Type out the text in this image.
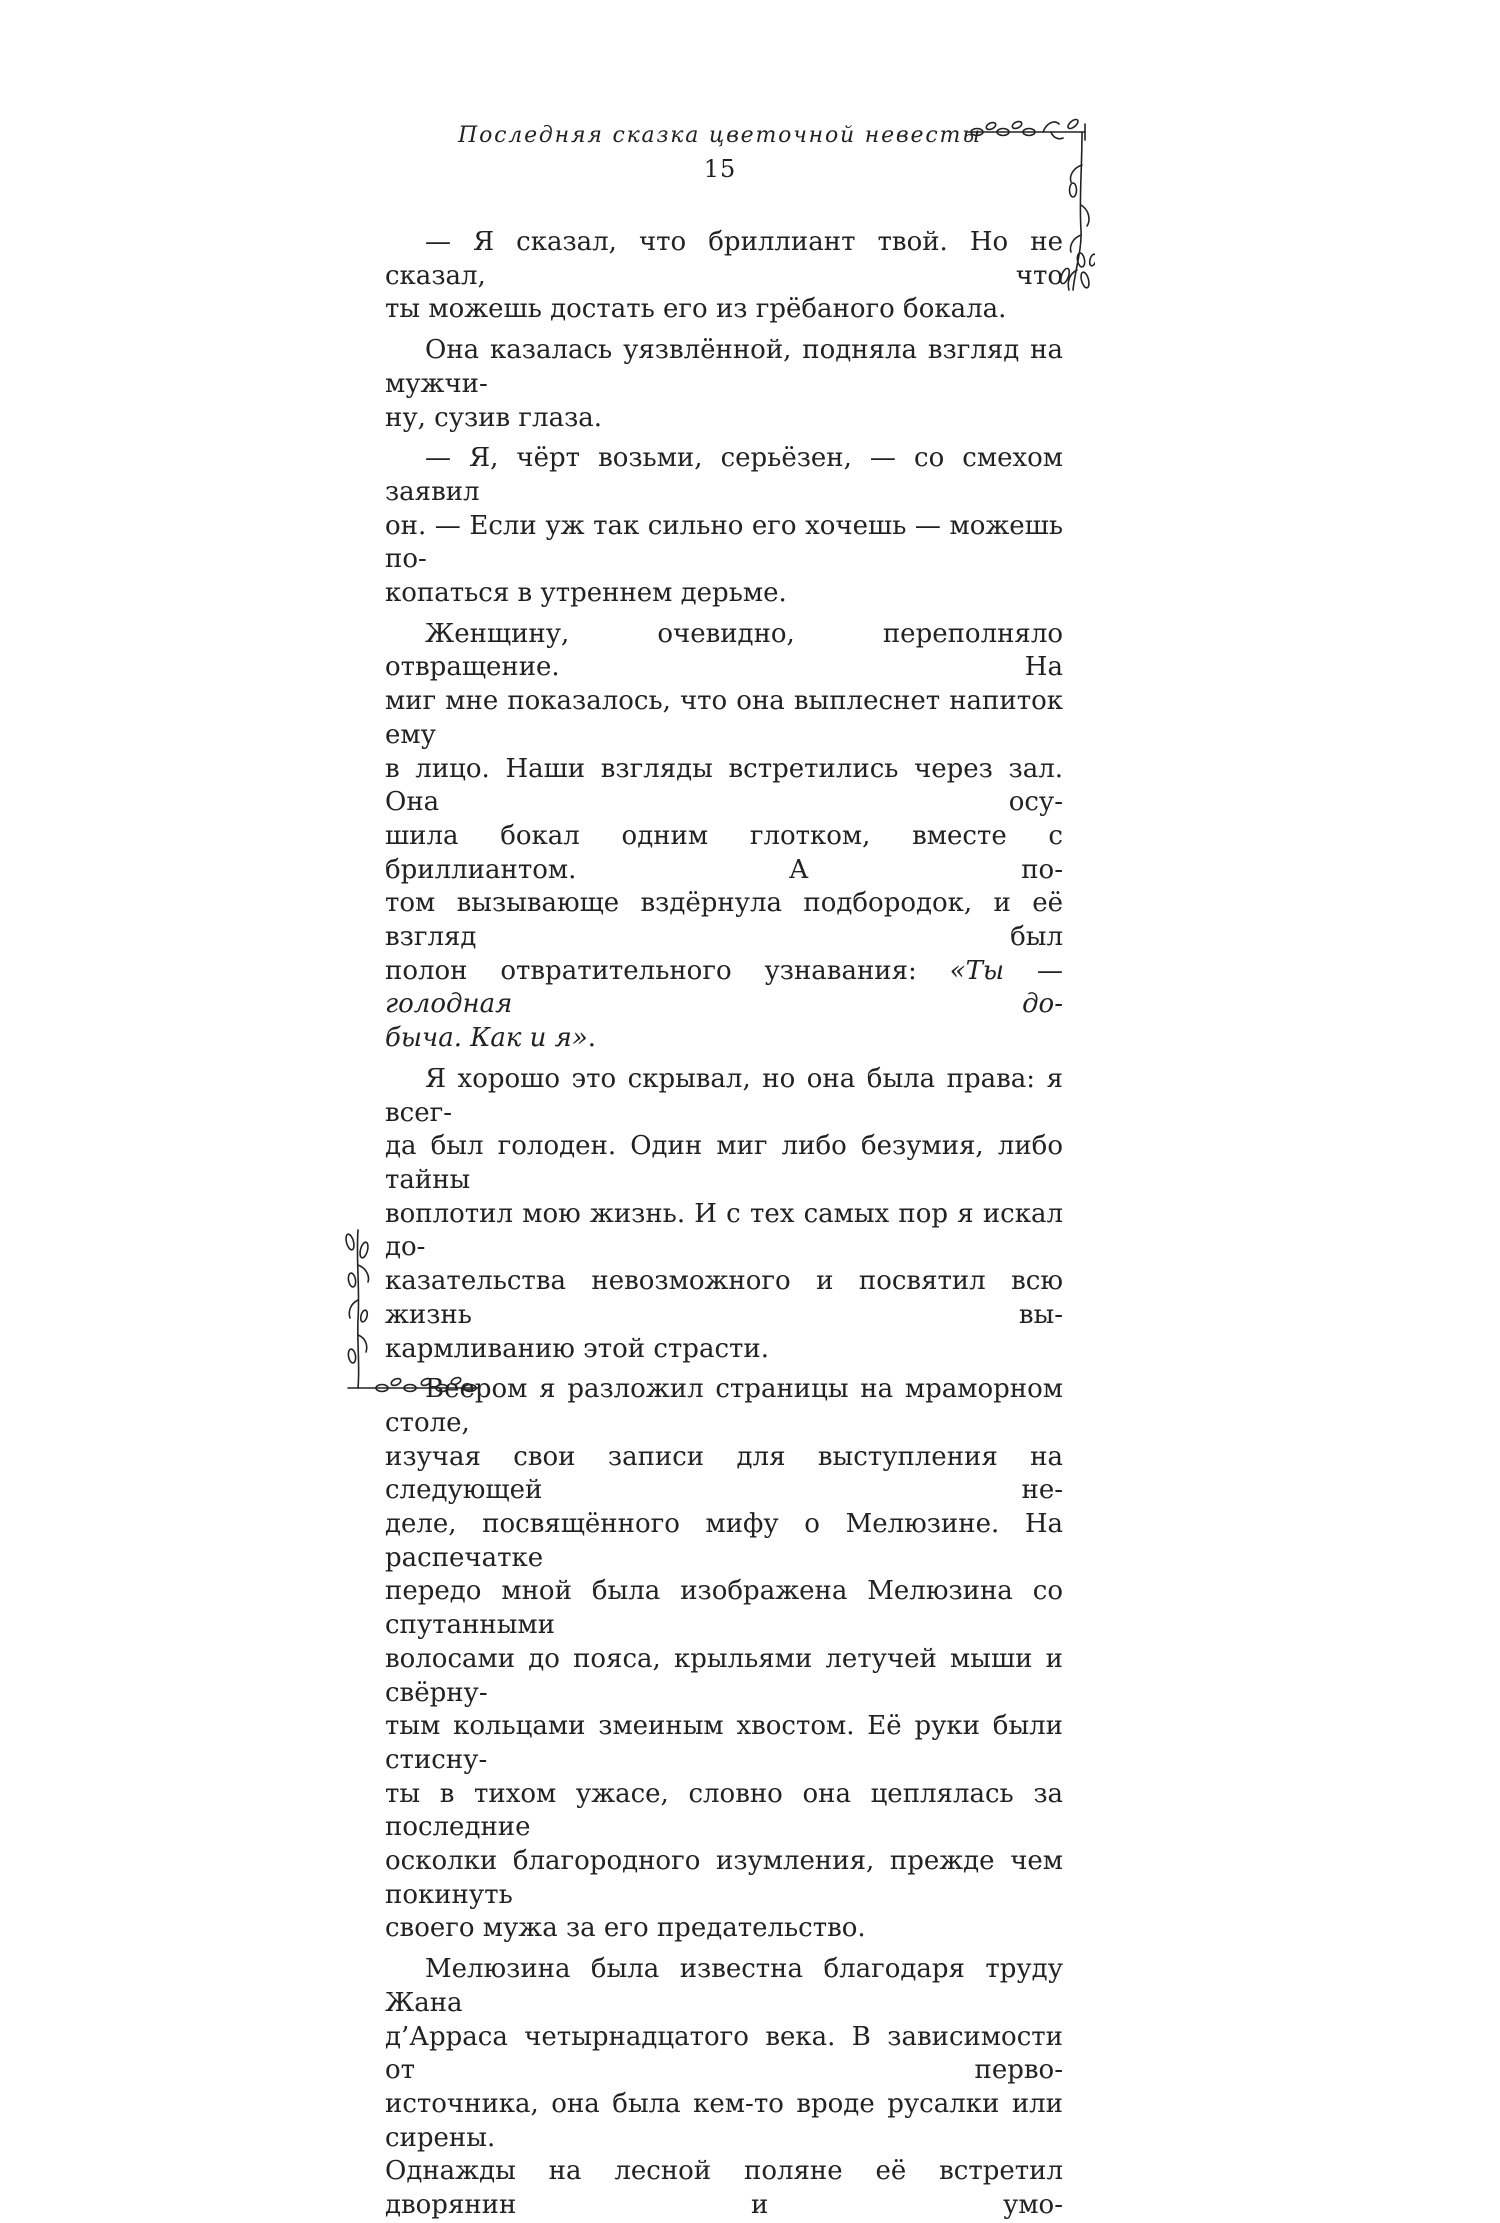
Последняя сказка цветочной невесты
15

— Я сказал, что бриллиант твой. Но не сказал, что

ты можешь достать его из грёбаного бокала.

Она казалась уязвлённой, подняла взгляд на мужчи-

ну, сузив глаза.

— Я, чёрт возьми, серьёзен, — со смехом заявил

он. — Если уж так сильно его хочешь — можешь по-

копаться в утреннем дерьме.

Женщину, очевидно, переполняло отвращение. На

миг мне показалось, что она выплеснет напиток ему

в лицо. Наши взгляды встретились через зал. Она осу-

шила бокал одним глотком, вместе с бриллиантом. А по-

том вызывающе вздёрнула подбородок, и её взгляд был

полон отвратительного узнавания: «Ты — голодная до-

быча. Как и я».

Я хорошо это скрывал, но она была права: я всег-

да был голоден. Один миг либо безумия, либо тайны

воплотил мою жизнь. И с тех самых пор я искал до-

казательства невозможного и посвятил всю жизнь вы-

кармливанию этой страсти.

Веером я разложил страницы на мраморном столе,

изучая свои записи для выступления на следующей не-

деле, посвящённого мифу о Мелюзине. На распечатке

передо мной была изображена Мелюзина со спутанными

волосами до пояса, крыльями летучей мыши и свёрну-

тым кольцами змеиным хвостом. Её руки были стисну-

ты в тихом ужасе, словно она цеплялась за последние

осколки благородного изумления, прежде чем покинуть

своего мужа за его предательство.

Мелюзина была известна благодаря труду Жана

д’Арраса четырнадцатого века. В зависимости от перво-

источника, она была кем-то вроде русалки или сирены.

Однажды на лесной поляне её встретил дворянин и умо-
